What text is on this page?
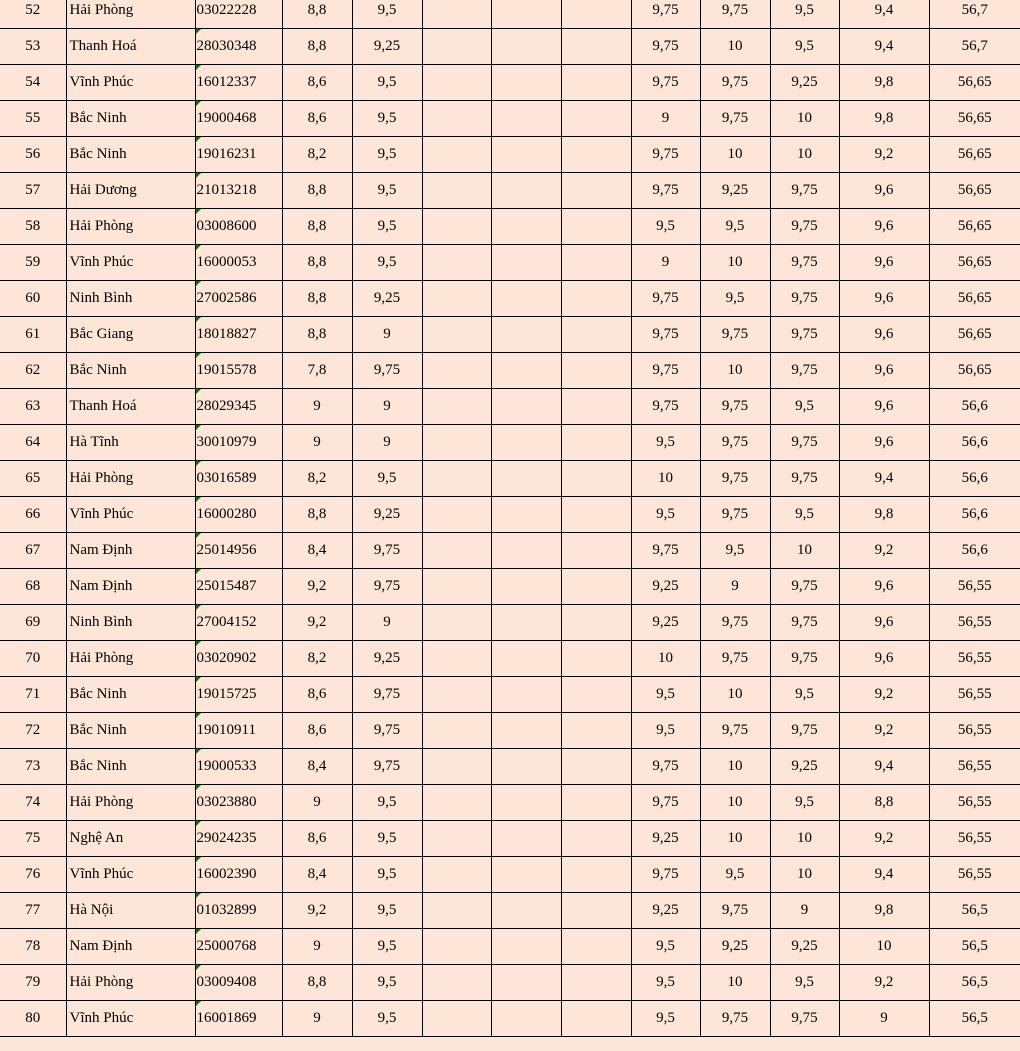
52	Hải Phòng	03022228	8,8	9,5				9,75	9,75	9,5	9,4	56,7
53	Thanh Hoá	28030348	8,8	9,25				9,75	10	9,5	9,4	56,7
54	Vĩnh Phúc	16012337	8,6	9,5				9,75	9,75	9,25	9,8	56,65
55	Bắc Ninh	19000468	8,6	9,5				9	9,75	10	9,8	56,65
56	Bắc Ninh	19016231	8,2	9,5				9,75	10	10	9,2	56,65
57	Hải Dương	21013218	8,8	9,5				9,75	9,25	9,75	9,6	56,65
58	Hải Phòng	03008600	8,8	9,5				9,5	9,5	9,75	9,6	56,65
59	Vĩnh Phúc	16000053	8,8	9,5				9	10	9,75	9,6	56,65
60	Ninh Bình	27002586	8,8	9,25				9,75	9,5	9,75	9,6	56,65
61	Bắc Giang	18018827	8,8	9				9,75	9,75	9,75	9,6	56,65
62	Bắc Ninh	19015578	7,8	9,75				9,75	10	9,75	9,6	56,65
63	Thanh Hoá	28029345	9	9				9,75	9,75	9,5	9,6	56,6
64	Hà Tĩnh	30010979	9	9				9,5	9,75	9,75	9,6	56,6
65	Hải Phòng	03016589	8,2	9,5				10	9,75	9,75	9,4	56,6
66	Vĩnh Phúc	16000280	8,8	9,25				9,5	9,75	9,5	9,8	56,6
67	Nam Định	25014956	8,4	9,75				9,75	9,5	10	9,2	56,6
68	Nam Định	25015487	9,2	9,75				9,25	9	9,75	9,6	56,55
69	Ninh Bình	27004152	9,2	9				9,25	9,75	9,75	9,6	56,55
70	Hải Phòng	03020902	8,2	9,25				10	9,75	9,75	9,6	56,55
71	Bắc Ninh	19015725	8,6	9,75				9,5	10	9,5	9,2	56,55
72	Bắc Ninh	19010911	8,6	9,75				9,5	9,75	9,75	9,2	56,55
73	Bắc Ninh	19000533	8,4	9,75				9,75	10	9,25	9,4	56,55
74	Hải Phòng	03023880	9	9,5				9,75	10	9,5	8,8	56,55
75	Nghệ An	29024235	8,6	9,5				9,25	10	10	9,2	56,55
76	Vĩnh Phúc	16002390	8,4	9,5				9,75	9,5	10	9,4	56,55
77	Hà Nội	01032899	9,2	9,5				9,25	9,75	9	9,8	56,5
78	Nam Định	25000768	9	9,5				9,5	9,25	9,25	10	56,5
79	Hải Phòng	03009408	8,8	9,5				9,5	10	9,5	9,2	56,5
80	Vĩnh Phúc	16001869	9	9,5				9,5	9,75	9,75	9	56,5
